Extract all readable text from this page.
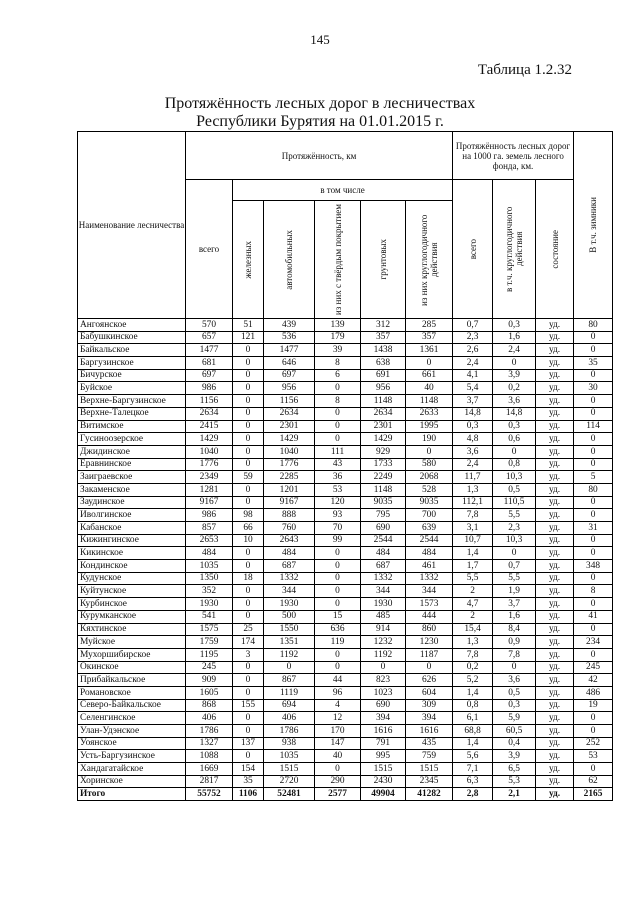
145
Таблица 1.2.32
Протяжённость лесных дорог в лесничествах
Республики Бурятия на 01.01.2015 г.
Наименование лесничества	Протяжённость, км						Протяжённость лесных дорог на 1000 га. земель лесного фонда, км.			В т.ч. зимники

	всего	в том числе					всего	в т.ч. круглогодичного действия	состояние	

		железных	автомобильных	из них с твёрдым покрытием	грунтовых	из них круглогодичного действия				

Ангоянское	570	51	439	139	312	285	0,7	0,3	уд.	80
Бабушкинское	657	121	536	179	357	357	2,3	1,6	уд.	0
Байкальское	1477	0	1477	39	1438	1361	2,6	2,4	уд.	0
Баргузинское	681	0	646	8	638	0	2,4	0	уд.	35
Бичурское	697	0	697	6	691	661	4,1	3,9	уд.	0
Буйское	986	0	956	0	956	40	5,4	0,2	уд.	30
Верхне-Баргузинское	1156	0	1156	8	1148	1148	3,7	3,6	уд.	0
Верхне-Талецкое	2634	0	2634	0	2634	2633	14,8	14,8	уд.	0
Витимское	2415	0	2301	0	2301	1995	0,3	0,3	уд.	114
Гусиноозерское	1429	0	1429	0	1429	190	4,8	0,6	уд.	0
Джидинское	1040	0	1040	111	929	0	3,6	0	уд.	0
Еравнинское	1776	0	1776	43	1733	580	2,4	0,8	уд.	0
Заиграевское	2349	59	2285	36	2249	2068	11,7	10,3	уд.	5
Закаменское	1281	0	1201	53	1148	528	1,3	0,5	уд.	80
Заудинское	9167	0	9167	120	9035	9035	112,1	110,5	уд.	0
Иволгинское	986	98	888	93	795	700	7,8	5,5	уд.	0
Кабанское	857	66	760	70	690	639	3,1	2,3	уд.	31
Кижингинское	2653	10	2643	99	2544	2544	10,7	10,3	уд.	0
Кикинское	484	0	484	0	484	484	1,4	0	уд.	0
Кондинское	1035	0	687	0	687	461	1,7	0,7	уд.	348
Кудунское	1350	18	1332	0	1332	1332	5,5	5,5	уд.	0
Куйтунское	352	0	344	0	344	344	2	1,9	уд.	8
Курбинское	1930	0	1930	0	1930	1573	4,7	3,7	уд.	0
Курумканское	541	0	500	15	485	444	2	1,6	уд.	41
Кяхтинское	1575	25	1550	636	914	860	15,4	8,4	уд.	0
Муйское	1759	174	1351	119	1232	1230	1,3	0,9	уд.	234
Мухоршибирское	1195	3	1192	0	1192	1187	7,8	7,8	уд.	0
Окинское	245	0	0	0	0	0	0,2	0	уд.	245
Прибайкальское	909	0	867	44	823	626	5,2	3,6	уд.	42
Романовское	1605	0	1119	96	1023	604	1,4	0,5	уд.	486
Северо-Байкальское	868	155	694	4	690	309	0,8	0,3	уд.	19
Селенгинское	406	0	406	12	394	394	6,1	5,9	уд.	0
Улан-Удэнское	1786	0	1786	170	1616	1616	68,8	60,5	уд.	0
Уоянское	1327	137	938	147	791	435	1,4	0,4	уд.	252
Усть-Баргузинское	1088	0	1035	40	995	759	5,6	3,9	уд.	53
Хандагатайское	1669	154	1515	0	1515	1515	7,1	6,5	уд.	0
Хоринское	2817	35	2720	290	2430	2345	6,3	5,3	уд.	62
Итого	55752	1106	52481	2577	49904	41282	2,8	2,1	уд.	2165
